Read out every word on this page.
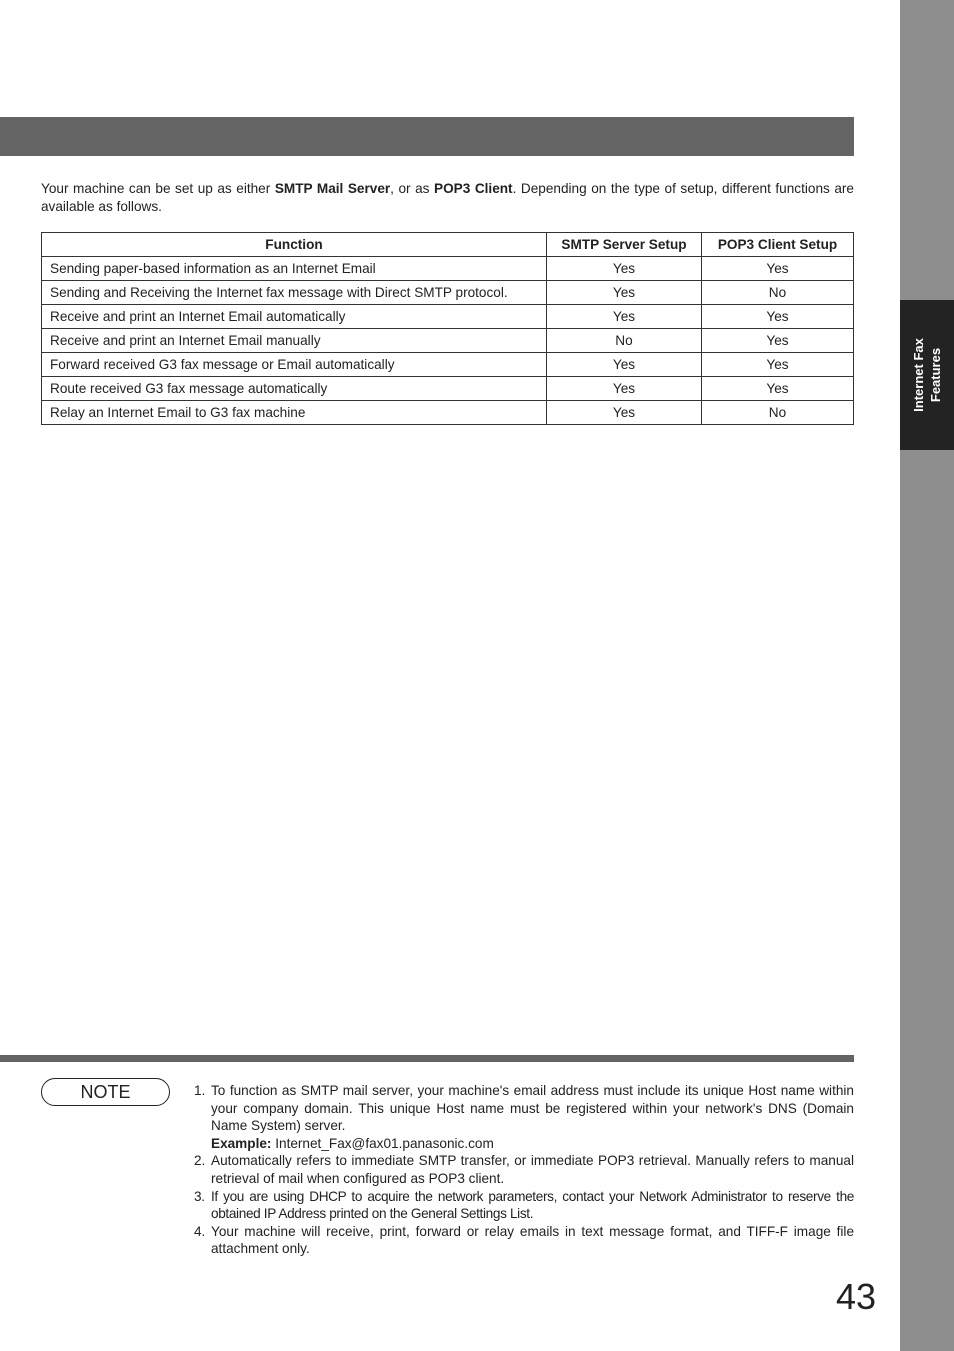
Internet Fax Features

Your machine can be set up as either SMTP Mail Server, or as POP3 Client. Depending on the type of setup, different functions are available as follows.

Function	SMTP Server Setup	POP3 Client Setup
Sending paper-based information as an Internet Email	Yes	Yes
Sending and Receiving the Internet fax message with Direct SMTP protocol.	Yes	No
Receive and print an Internet Email automatically	Yes	Yes
Receive and print an Internet Email manually	No	Yes
Forward received G3 fax message or Email automatically	Yes	Yes
Route received G3 fax message automatically	Yes	Yes
Relay an Internet Email to G3 fax machine	Yes	No
NOTE	1. To function as SMTP mail server, your machine's email address must include its unique Host name within your company domain. This unique Host name must be registered within your network's DNS (Domain Name System) server.
Example: Internet_Fax@fax01.panasonic.com
2. Automatically refers to immediate SMTP transfer, or immediate POP3 retrieval. Manually refers to manual retrieval of mail when configured as POP3 client.
3. If you are using DHCP to acquire the network parameters, contact your Network Administrator to reserve the obtained IP Address printed on the General Settings List.
4. Your machine will receive, print, forward or relay emails in text message format, and TIFF-F image file attachment only.
43
